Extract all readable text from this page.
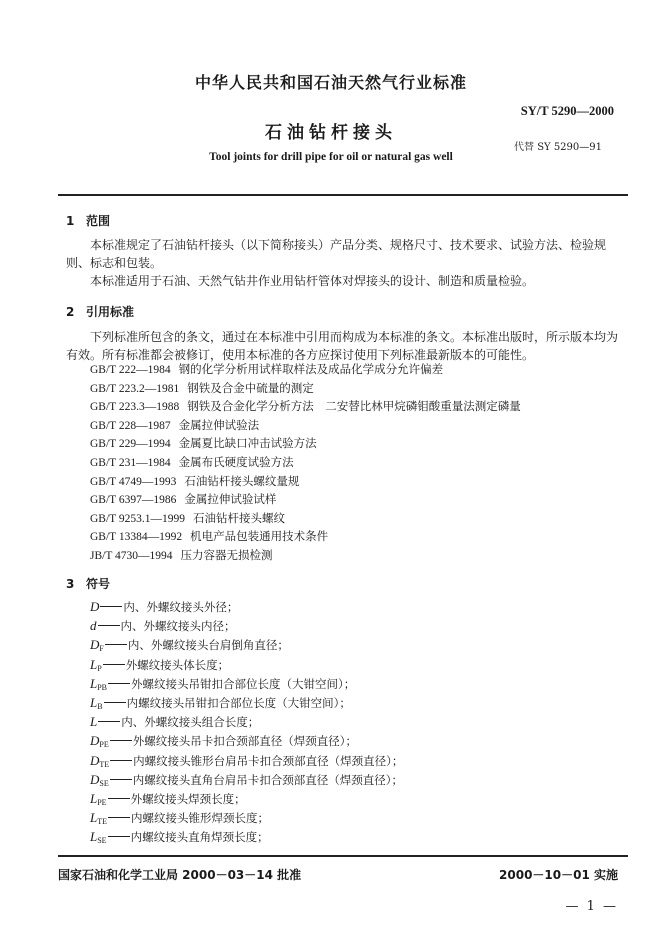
中华人民共和国石油天然气行业标准
SY/T 5290—2000
石油钻杆接头
代替 SY 5290—91
Tool joints for drill pipe for oil or natural gas well
1 范围
本标准规定了石油钻杆接头（以下简称接头）产品分类、规格尺寸、技术要求、试验方法、检验规则、标志和包装。
本标准适用于石油、天然气钻井作业用钻杆管体对焊接头的设计、制造和质量检验。
2 引用标准
下列标准所包含的条文，通过在本标准中引用而构成为本标准的条文。本标准出版时，所示版本均为有效。所有标准都会被修订，使用本标准的各方应探讨使用下列标准最新版本的可能性。
GB/T 222—1984 钢的化学分析用试样取样法及成品化学成分允许偏差
GB/T 223.2—1981 钢铁及合金中硫量的测定
GB/T 223.3—1988 钢铁及合金化学分析方法　二安替比林甲烷磷钼酸重量法测定磷量
GB/T 228—1987 金属拉伸试验法
GB/T 229—1994 金属夏比缺口冲击试验方法
GB/T 231—1984 金属布氏硬度试验方法
GB/T 4749—1993 石油钻杆接头螺纹量规
GB/T 6397—1986 金属拉伸试验试样
GB/T 9253.1—1999 石油钻杆接头螺纹
GB/T 13384—1992 机电产品包装通用技术条件
JB/T 4730—1994 压力容器无损检测
3 符号
D 内、外螺纹接头外径；
d 内、外螺纹接头内径；
DF 内、外螺纹接头台肩倒角直径；
LP 外螺纹接头体长度；
LPB 外螺纹接头吊钳扣合部位长度（大钳空间）；
LB 内螺纹接头吊钳扣合部位长度（大钳空间）；
L 内、外螺纹接头组合长度；
DPE 外螺纹接头吊卡扣合颈部直径（焊颈直径）；
DTE 内螺纹接头锥形台肩吊卡扣合颈部直径（焊颈直径）；
DSE 内螺纹接头直角台肩吊卡扣合颈部直径（焊颈直径）；
LPE 外螺纹接头焊颈长度；
LTE 内螺纹接头锥形焊颈长度；
LSE 内螺纹接头直角焊颈长度；
国家石油和化学工业局 2000－03－14 批准	2000－10－01 实施
— 1 —
